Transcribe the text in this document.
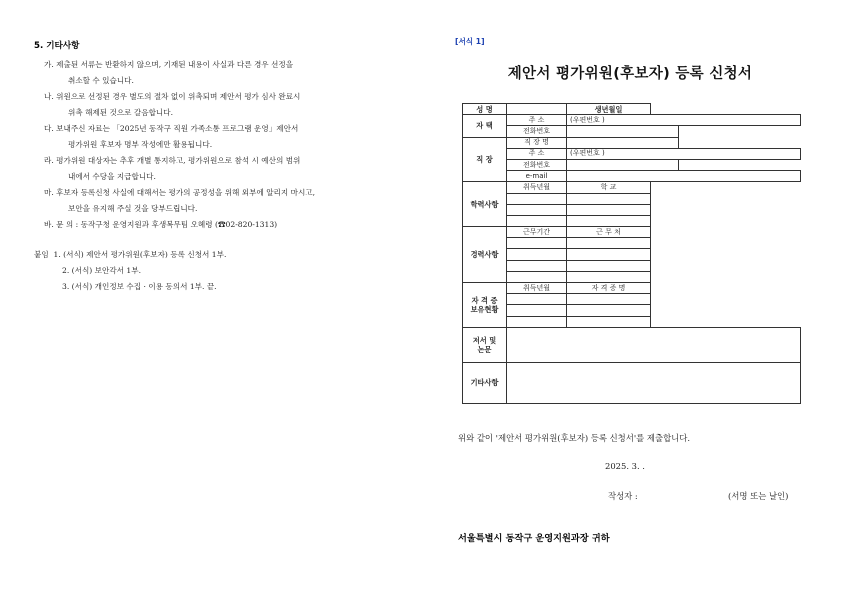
5. 기타사항
가. 제출된 서류는 반환하지 않으며, 기재된 내용이 사실과 다른 경우 선정을
취소할 수 있습니다.
나. 위원으로 선정된 경우 별도의 절차 없이 위촉되며 제안서 평가 심사 완료시
위촉 해제된 것으로 갈음합니다.
다. 보내주신 자료는 「2025년 동작구 직원 가족소통 프로그램 운영」제안서
평가위원 후보자 명부 작성에만 활용됩니다.
라. 평가위원 대상자는 추후 개별 통지하고, 평가위원으로 참석 시 예산의 범위
내에서 수당을 지급합니다.
마. 후보자 등록신청 사실에 대해서는 평가의 공정성을 위해 외부에 알리지 마시고,
보안을 유지해 주실 것을 당부드립니다.
바. 문 의 : 동작구청 운영지원과 후생복무팀 오혜령 (☎02-820-1313)
붙임 1. (서식) 제안서 평가위원(후보자) 등록 신청서 1부.
2. (서식) 보안각서 1부.
3. (서식) 개인정보 수집 · 이용 동의서 1부. 끝.
[서식 1]
제안서 평가위원(후보자) 등록 신청서
성 명		생년월일		
자 택	주 소	(우편번호 )		
	전화번호			
직 장	직 장 명			
	주 소	(우편번호 )		
	전화번호			
	e-mail			
학력사항	취득년월	학 교		

경력사항	근무기간	근 무 처		

자 격 증
보유현황	취득년월	자 격 증 명		

저서 및
논문				
기타사항				
위와 같이 '제안서 평가위원(후보자) 등록 신청서'를 제출합니다.
2025. 3. .
작성자 :	(서명 또는 날인)
서울특별시 동작구 운영지원과장 귀하
